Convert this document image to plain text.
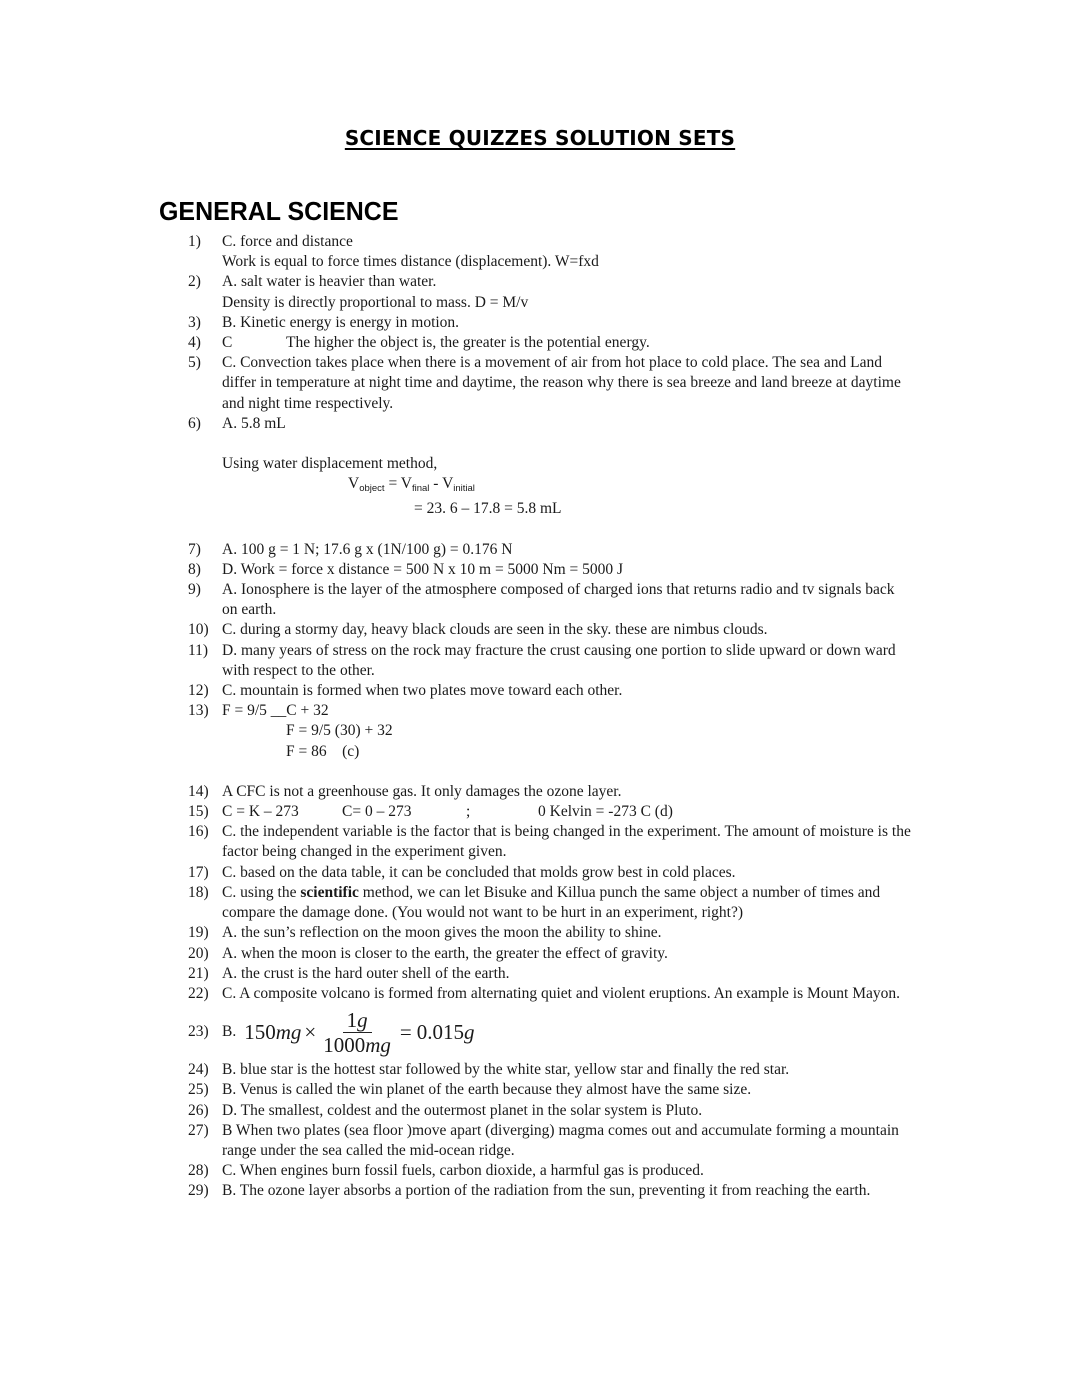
SCIENCE QUIZZES SOLUTION SETS
GENERAL SCIENCE
1) C. force and distance
Work is equal to force times distance (displacement). W=fxd
2) A. salt water is heavier than water.
Density is directly proportional to mass. D = M/v
3) B. Kinetic energy is energy in motion.
4) C	The higher the object is, the greater is the potential energy.
5) C. Convection takes place when there is a movement of air from hot place to cold place. The sea and Land differ in temperature at night time and daytime, the reason why there is sea breeze and land breeze at daytime and night time respectively.
6) A. 5.8 mL
Using water displacement method,
$V_{object} = V_{final} - V_{initial}$
= 23. 6 – 17.8 = 5.8 mL
7) A. 100 g = 1 N; 17.6 g x (1N/100 g) = 0.176 N
8) D. Work = force x distance = 500 N x 10 m = 5000 Nm = 5000 J
9) A. Ionosphere is the layer of the atmosphere composed of charged ions that returns radio and tv signals back on earth.
10) C. during a stormy day, heavy black clouds are seen in the sky. these are nimbus clouds.
11) D. many years of stress on the rock may fracture the crust causing one portion to slide upward or down ward with respect to the other.
12) C. mountain is formed when two plates move toward each other.
13) F = 9/5 __C + 32
F = 9/5 (30) + 32
F = 86    (c)
14) A CFC is not a greenhouse gas. It only damages the ozone layer.
15) C = K – 273	C= 0 – 273	;	0 Kelvin = -273 C (d)
16) C. the independent variable is the factor that is being changed in the experiment. The amount of moisture is the factor being changed in the experiment given.
17) C. based on the data table, it can be concluded that molds grow best in cold places.
18) C. using the scientific method, we can let Bisuke and Killua punch the same object a number of times and compare the damage done. (You would not want to be hurt in an experiment, right?)
19) A. the sun’s reflection on the moon gives the moon the ability to shine.
20) A. when the moon is closer to the earth, the greater the effect of gravity.
21) A. the crust is the hard outer shell of the earth.
22) C. A composite volcano is formed from alternating quiet and violent eruptions. An example is Mount Mayon.
23) B. 150 mg × $\frac{1g}{1000mg} = 0.015$ g
24) B. blue star is the hottest star followed by the white star, yellow star and finally the red star.
25) B. Venus is called the win planet of the earth because they almost have the same size.
26) D. The smallest, coldest and the outermost planet in the solar system is Pluto.
27) B When two plates (sea floor )move apart (diverging) magma comes out and accumulate forming a mountain range under the sea called the mid-ocean ridge.
28) C. When engines burn fossil fuels, carbon dioxide, a harmful gas is produced.
29) B. The ozone layer absorbs a portion of the radiation from the sun, preventing it from reaching the earth.
